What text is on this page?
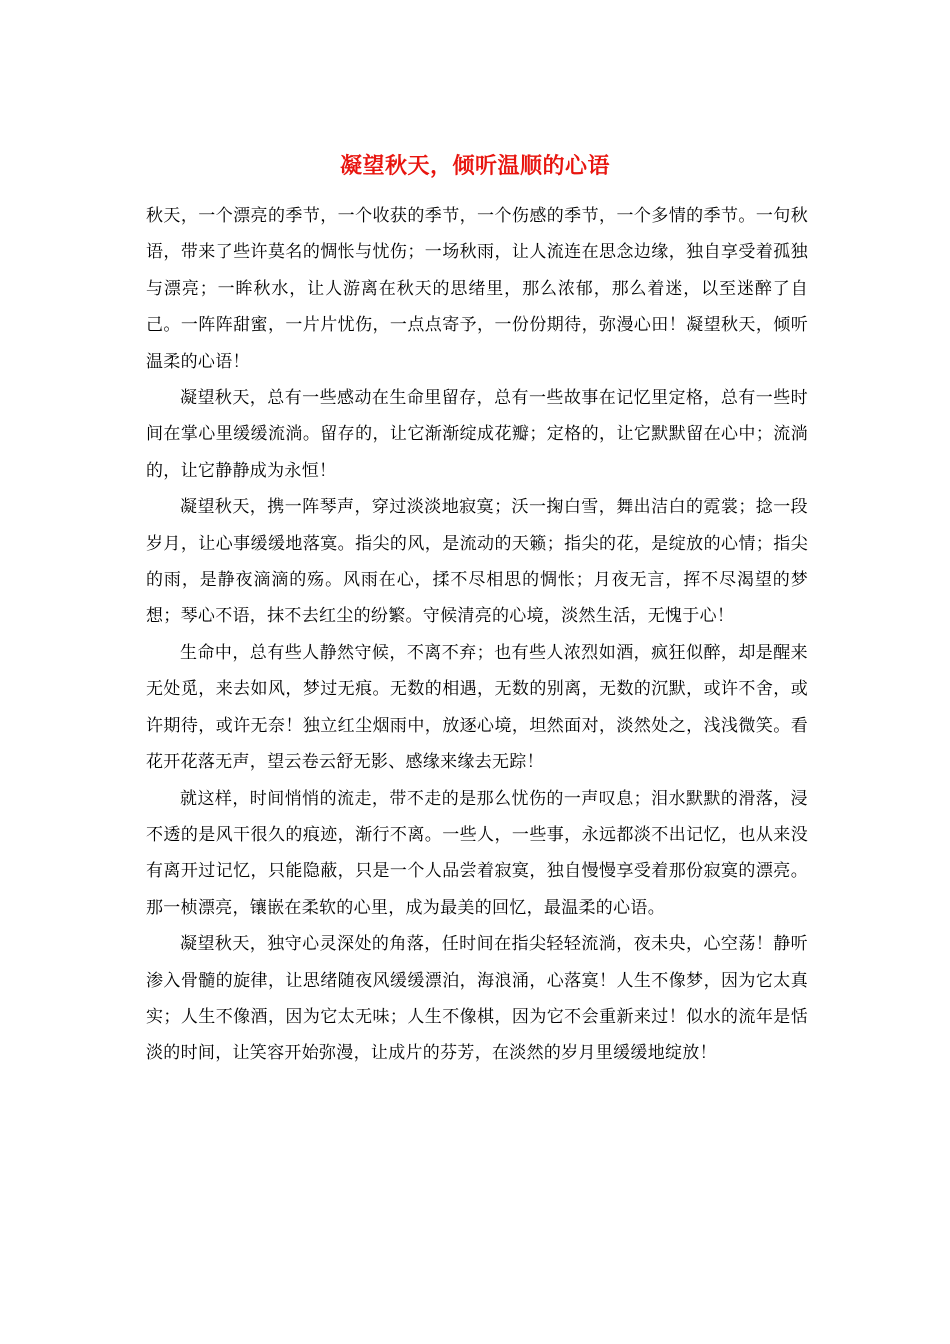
凝望秋天，倾听温顺的心语

秋天，一个漂亮的季节，一个收获的季节，一个伤感的季节，一个多情的季节。一句秋语，带来了些许莫名的惆怅与忧伤；一场秋雨，让人流连在思念边缘，独自享受着孤独与漂亮；一眸秋水，让人游离在秋天的思绪里，那么浓郁，那么着迷，以至迷醉了自己。一阵阵甜蜜，一片片忧伤，一点点寄予，一份份期待，弥漫心田！凝望秋天，倾听温柔的心语！

凝望秋天，总有一些感动在生命里留存，总有一些故事在记忆里定格，总有一些时间在掌心里缓缓流淌。留存的，让它渐渐绽成花瓣；定格的，让它默默留在心中；流淌的，让它静静成为永恒！

凝望秋天，携一阵琴声，穿过淡淡地寂寞；沃一掬白雪，舞出洁白的霓裳；捻一段岁月，让心事缓缓地落寞。指尖的风，是流动的天籁；指尖的花，是绽放的心情；指尖的雨，是静夜滴滴的殇。风雨在心，揉不尽相思的惆怅；月夜无言，挥不尽渴望的梦想；琴心不语，抹不去红尘的纷繁。守候清亮的心境，淡然生活，无愧于心！

生命中，总有些人静然守候，不离不弃；也有些人浓烈如酒，疯狂似醉，却是醒来无处觅，来去如风，梦过无痕。无数的相遇，无数的别离，无数的沉默，或许不舍，或许期待，或许无奈！独立红尘烟雨中，放逐心境，坦然面对，淡然处之，浅浅微笑。看花开花落无声，望云卷云舒无影、感缘来缘去无踪！

就这样，时间悄悄的流走，带不走的是那么忧伤的一声叹息；泪水默默的滑落，浸不透的是风干很久的痕迹，渐行不离。一些人，一些事，永远都淡不出记忆，也从来没有离开过记忆，只能隐蔽，只是一个人品尝着寂寞，独自慢慢享受着那份寂寞的漂亮。那一桢漂亮，镶嵌在柔软的心里，成为最美的回忆，最温柔的心语。

凝望秋天，独守心灵深处的角落，任时间在指尖轻轻流淌，夜未央，心空荡！静听渗入骨髓的旋律，让思绪随夜风缓缓漂泊，海浪涌，心落寞！人生不像梦，因为它太真实；人生不像酒，因为它太无味；人生不像棋，因为它不会重新来过！似水的流年是恬淡的时间，让笑容开始弥漫，让成片的芬芳，在淡然的岁月里缓缓地绽放！
